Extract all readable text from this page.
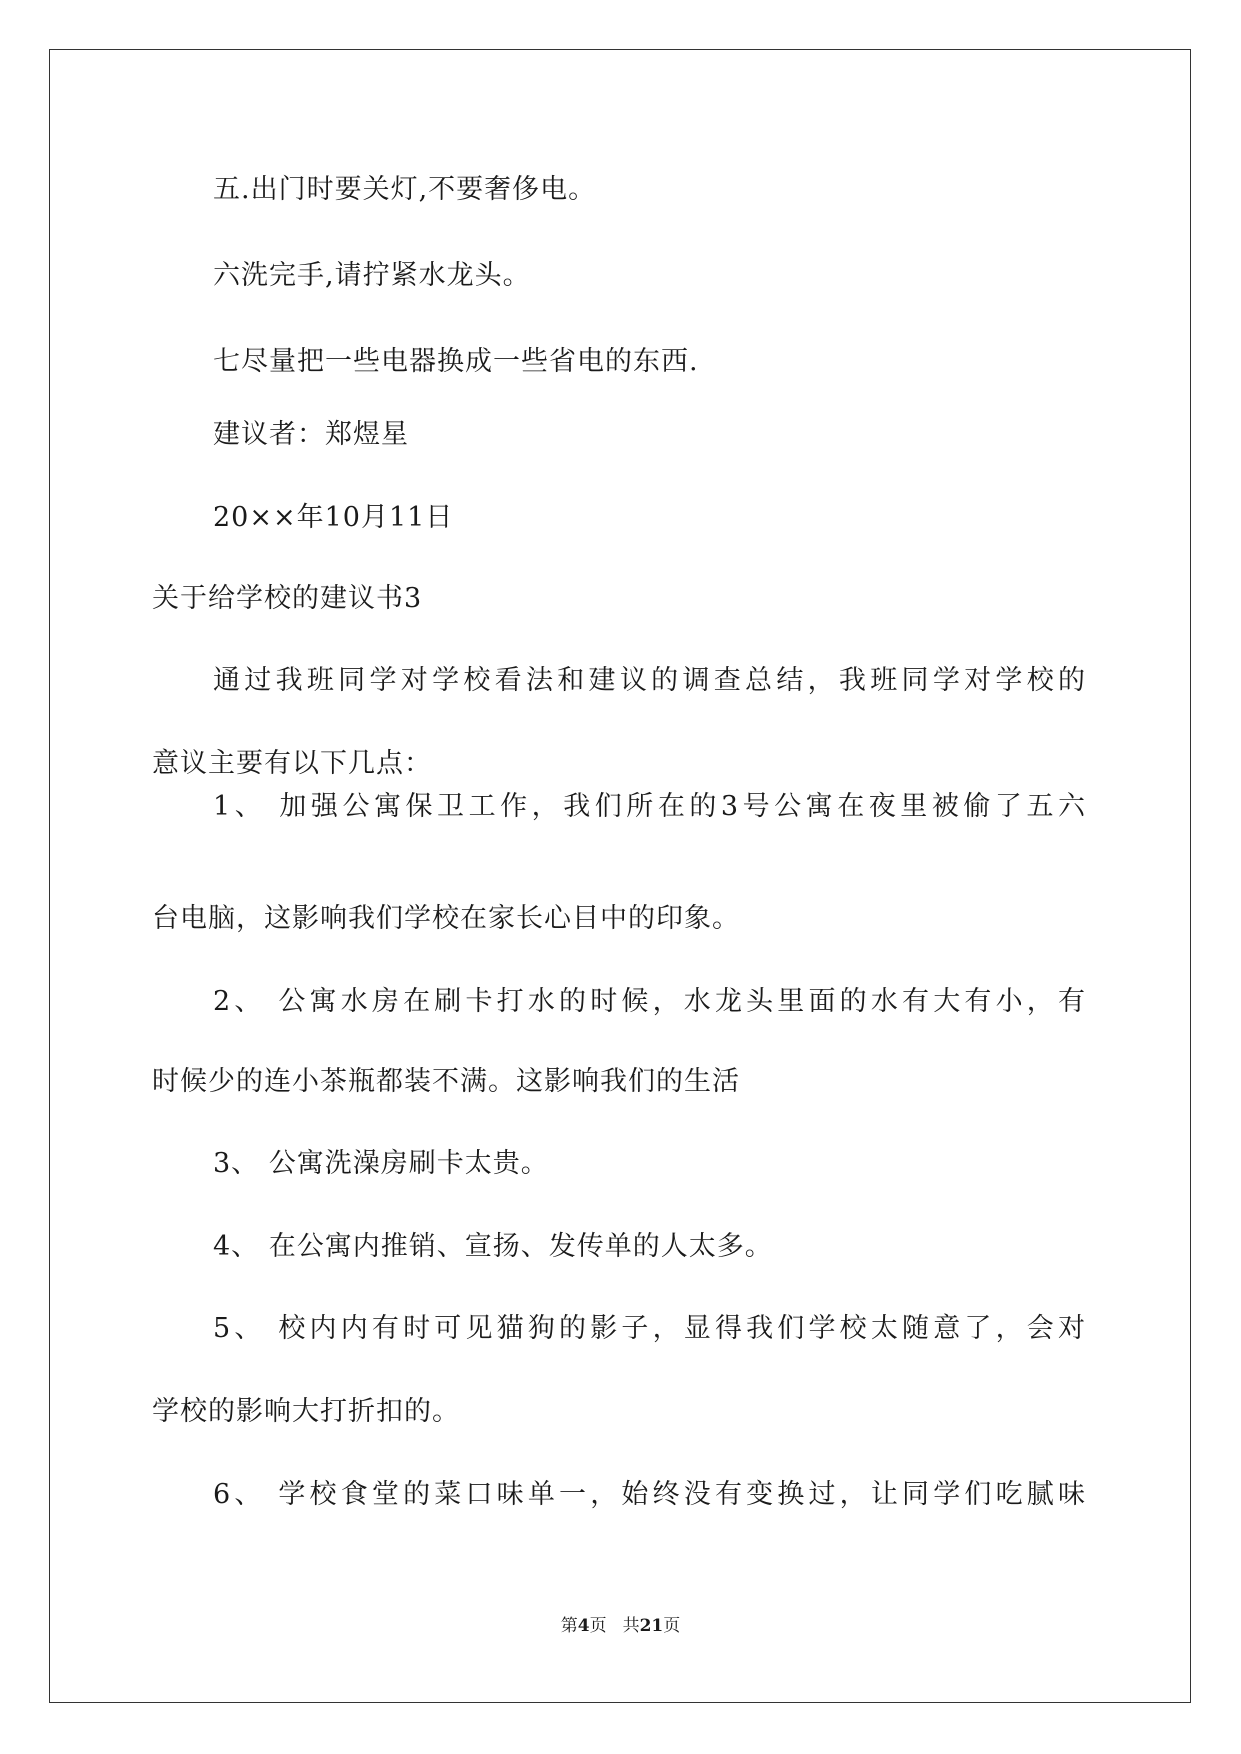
五.出门时要关灯,不要奢侈电。
六洗完手,请拧紧水龙头。
七尽量把一些电器换成一些省电的东西.
建议者：郑煜星
20××年10月11日
关于给学校的建议书3
通过我班同学对学校看法和建议的调查总结，我班同学对学校的
意议主要有以下几点：
1、 加强公寓保卫工作，我们所在的3号公寓在夜里被偷了五六
台电脑，这影响我们学校在家长心目中的印象。
2、 公寓水房在刷卡打水的时候，水龙头里面的水有大有小，有
时候少的连小茶瓶都装不满。这影响我们的生活
3、 公寓洗澡房刷卡太贵。
4、 在公寓内推销、宣扬、发传单的人太多。
5、 校内内有时可见猫狗的影子，显得我们学校太随意了，会对
学校的影响大打折扣的。
6、 学校食堂的菜口味单一，始终没有变换过，让同学们吃腻味
第4页 共21页
